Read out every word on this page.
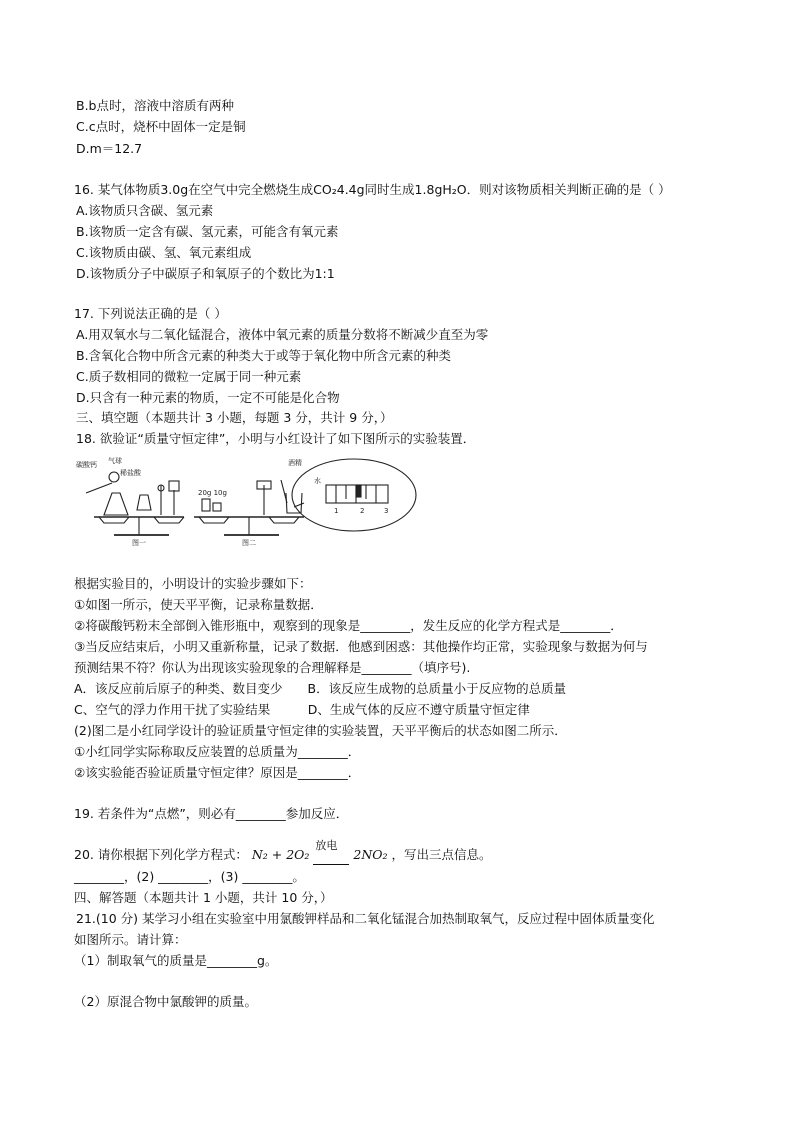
B.b点时，溶液中溶质有两种
C.c点时，烧杯中固体一定是铜
D.m＝12.7
16. 某气体物质3.0g在空气中完全燃烧生成CO₂4.4g同时生成1.8gH₂O．则对该物质相关判断正确的是（ ）
A.该物质只含碳、氢元素
B.该物质一定含有碳、氢元素，可能含有氧元素
C.该物质由碳、氢、氧元素组成
D.该物质分子中碳原子和氧原子的个数比为1:1
17. 下列说法正确的是（ ）
A.用双氧水与二氧化锰混合，液体中氧元素的质量分数将不断减少直至为零
B.含氧化合物中所含元素的种类大于或等于氧化物中所含元素的种类
C.质子数相同的微粒一定属于同一种元素
D.只含有一种元素的物质，一定不可能是化合物
三、填空题（本题共计 3 小题，每题 3 分，共计 9 分，）
18. 欲验证“质量守恒定律”，小明与小红设计了如下图所示的实验装置．
碳酸钙 气球
稀盐酸
20g 10g
酒精
水
1	2	3
图一	图二
根据实验目的，小明设计的实验步骤如下：
①如图一所示，使天平平衡，记录称量数据．
②将碳酸钙粉末全部倒入锥形瓶中，观察到的现象是________，发生反应的化学方程式是________．
③当反应结束后，小明又重新称量，记录了数据．他感到困惑：其他操作均正常，实验现象与数据为何与
预测结果不符？你认为出现该实验现象的合理解释是________（填序号).
A．该反应前后原子的种类、数目变少　　B．该反应生成物的总质量小于反应物的总质量
C、空气的浮力作用干扰了实验结果　　　D、生成气体的反应不遵守质量守恒定律
(2)图二是小红同学设计的验证质量守恒定律的实验装置，天平平衡后的状态如图二所示．
①小红同学实际称取反应装置的总质量为________．
②该实验能否验证质量守恒定律？原因是________．
19. 若条件为“点燃”，则必有________参加反应．
20. 请你根据下列化学方程式： N₂ + 2O₂
放电
2NO₂ ，写出三点信息。
________，(2) ________，(3) ________。
四、解答题（本题共计 1 小题，共计 10 分，）
21.(10 分) 某学习小组在实验室中用氯酸钾样品和二氧化锰混合加热制取氧气，反应过程中固体质量变化
如图所示。请计算：
（1）制取氧气的质量是________g。
（2）原混合物中氯酸钾的质量。
